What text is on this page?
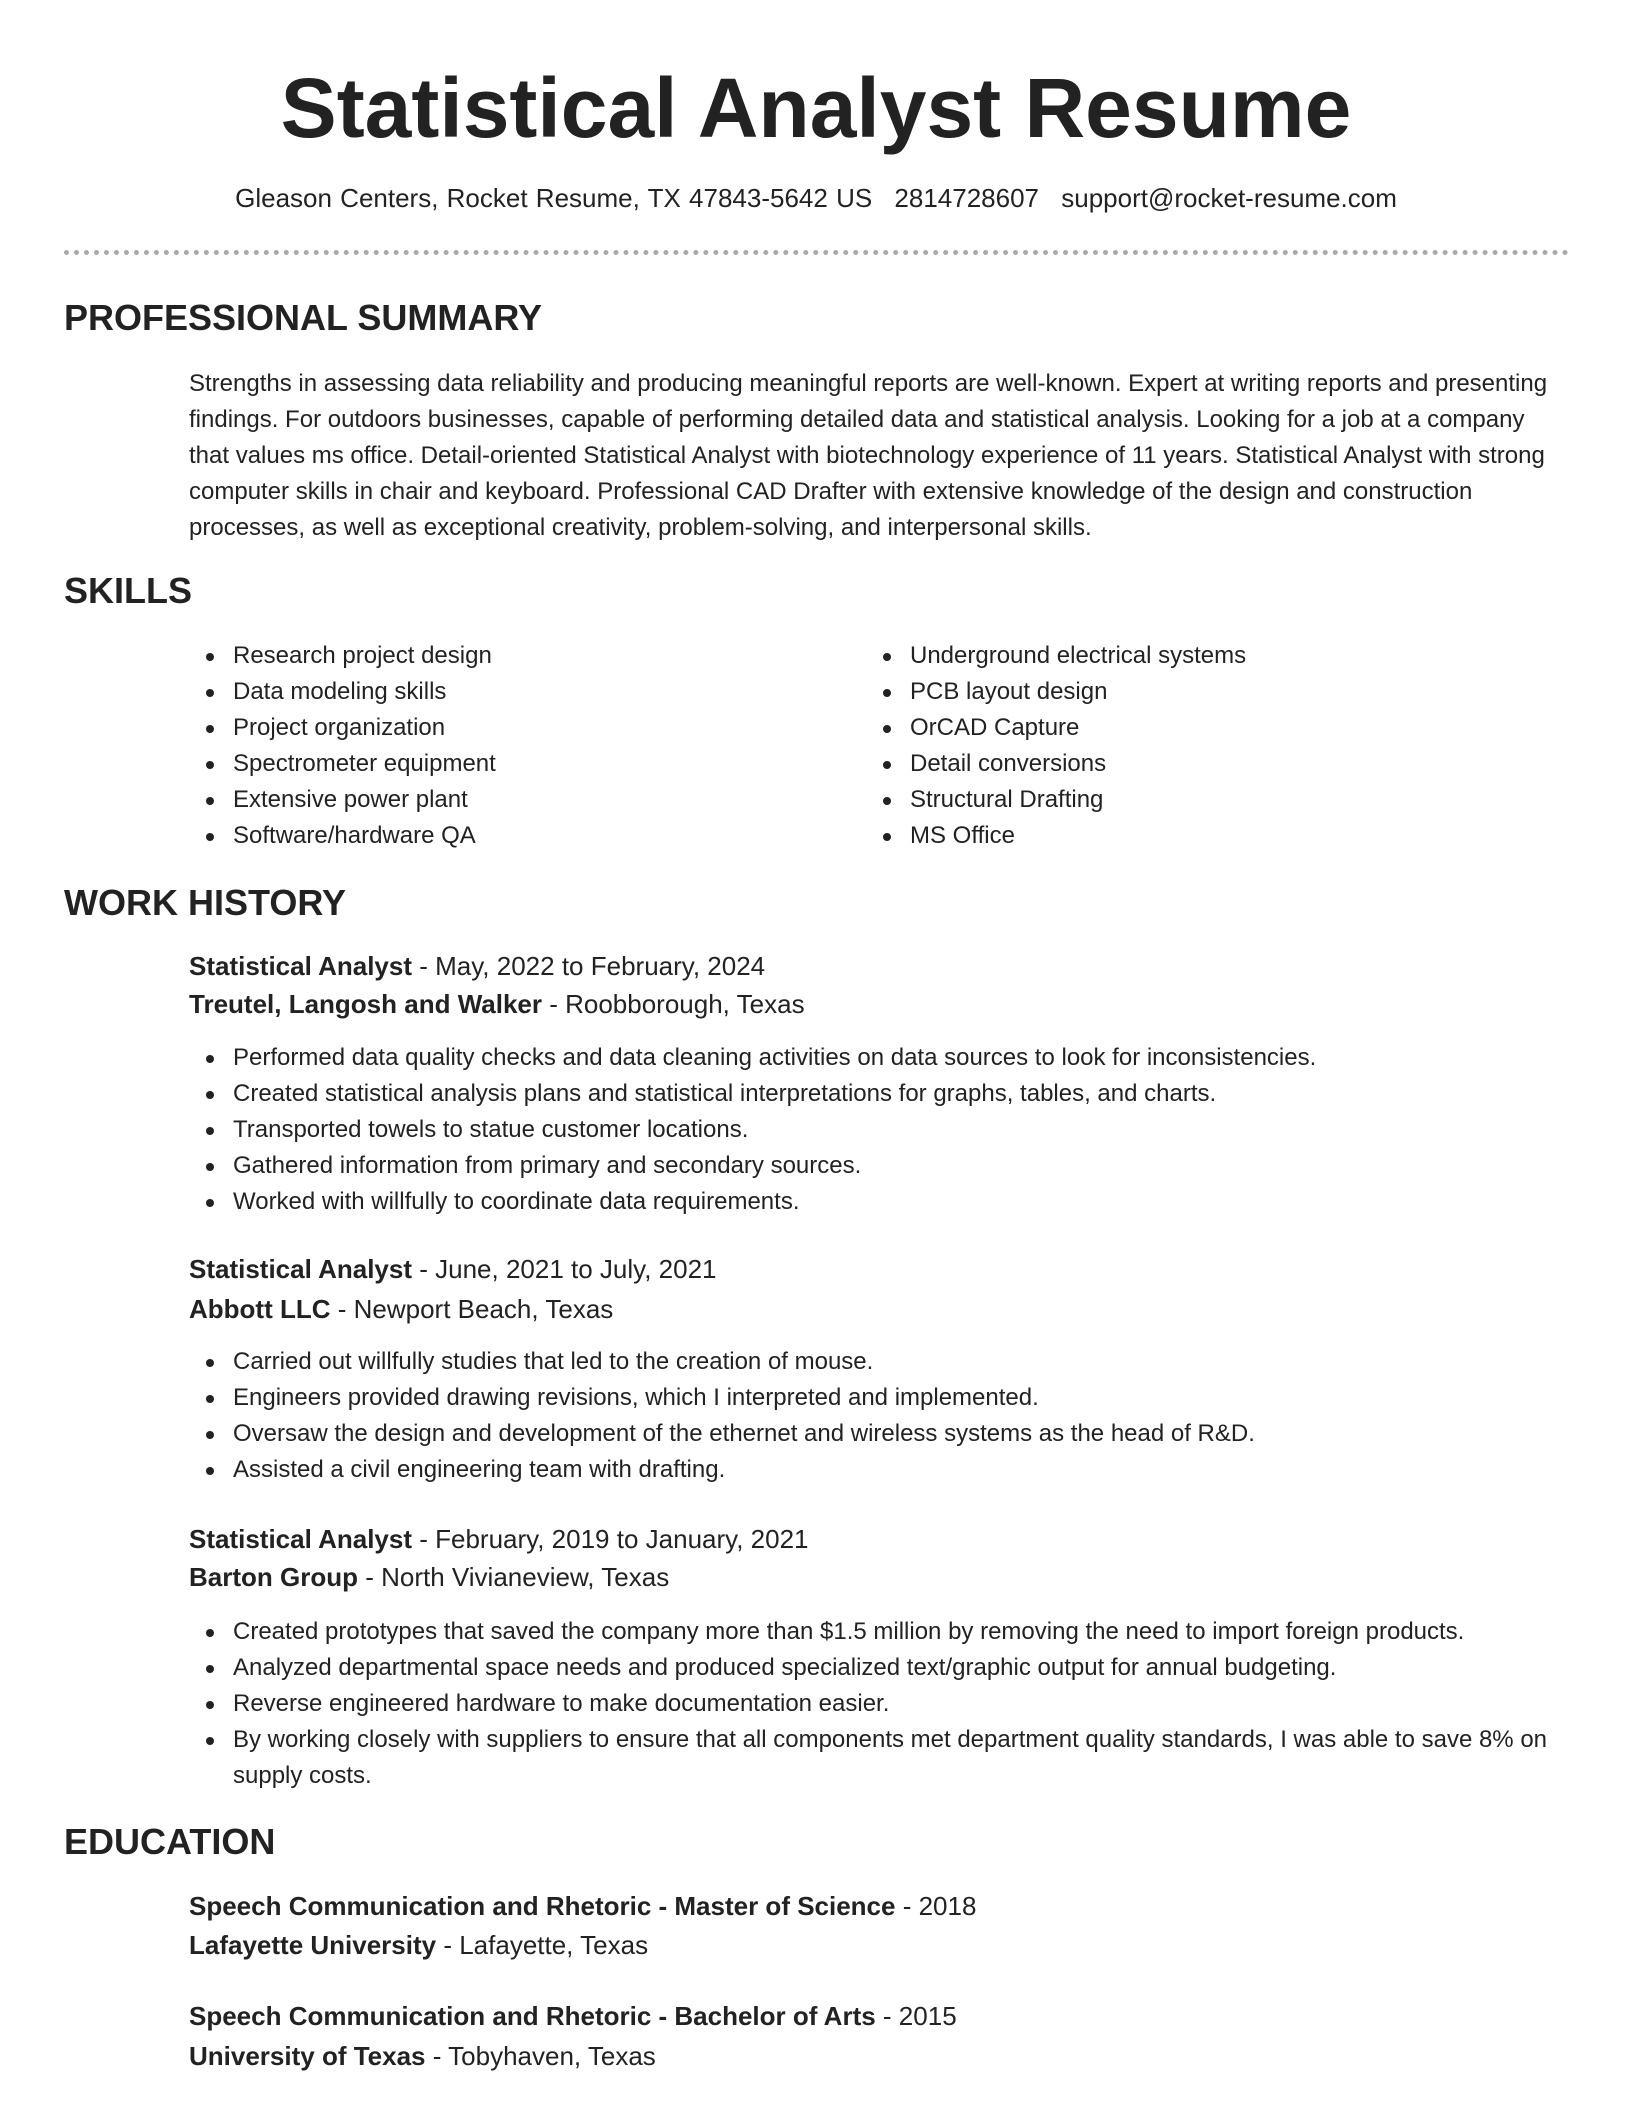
Statistical Analyst Resume
Gleason Centers, Rocket Resume, TX 47843-5642 US 2814728607 support@rocket-resume.com
PROFESSIONAL SUMMARY

Strengths in assessing data reliability and producing meaningful reports are well-known. Expert at writing reports and presenting findings. For outdoors businesses, capable of performing detailed data and statistical analysis. Looking for a job at a company that values ms office. Detail-oriented Statistical Analyst with biotechnology experience of 11 years. Statistical Analyst with strong computer skills in chair and keyboard. Professional CAD Drafter with extensive knowledge of the design and construction processes, as well as exceptional creativity, problem-solving, and interpersonal skills.

SKILLS
Research project design
Data modeling skills
Project organization
Spectrometer equipment
Extensive power plant
Software/hardware QA
Underground electrical systems
PCB layout design
OrCAD Capture
Detail conversions
Structural Drafting
MS Office
WORK HISTORY
Statistical Analyst - May, 2022 to February, 2024
Treutel, Langosh and Walker - Roobborough, Texas
Performed data quality checks and data cleaning activities on data sources to look for inconsistencies.
Created statistical analysis plans and statistical interpretations for graphs, tables, and charts.
Transported towels to statue customer locations.
Gathered information from primary and secondary sources.
Worked with willfully to coordinate data requirements.
Statistical Analyst - June, 2021 to July, 2021
Abbott LLC - Newport Beach, Texas
Carried out willfully studies that led to the creation of mouse.
Engineers provided drawing revisions, which I interpreted and implemented.
Oversaw the design and development of the ethernet and wireless systems as the head of R&D.
Assisted a civil engineering team with drafting.
Statistical Analyst - February, 2019 to January, 2021
Barton Group - North Vivianeview, Texas
Created prototypes that saved the company more than $1.5 million by removing the need to import foreign products.
Analyzed departmental space needs and produced specialized text/graphic output for annual budgeting.
Reverse engineered hardware to make documentation easier.
By working closely with suppliers to ensure that all components met department quality standards, I was able to save 8% on supply costs.
EDUCATION
Speech Communication and Rhetoric - Master of Science - 2018
Lafayette University - Lafayette, Texas
Speech Communication and Rhetoric - Bachelor of Arts - 2015
University of Texas - Tobyhaven, Texas
